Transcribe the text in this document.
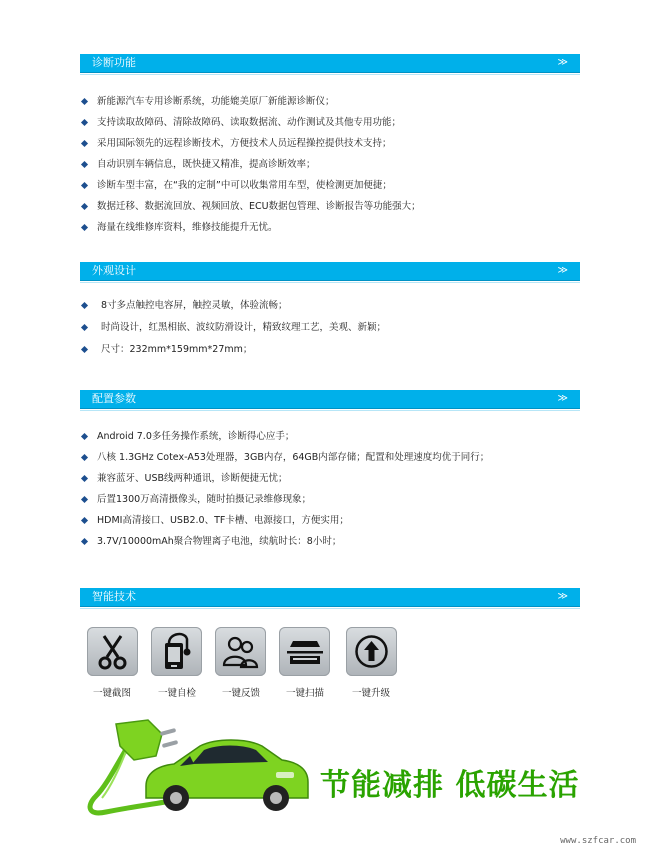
诊断功能	≫
新能源汽车专用诊断系统，功能媲美原厂新能源诊断仪；
支持读取故障码、清除故障码、读取数据流、动作测试及其他专用功能；
采用国际领先的远程诊断技术，方便技术人员远程操控提供技术支持；
自动识别车辆信息，既快捷又精准，提高诊断效率；
诊断车型丰富，在“我的定制”中可以收集常用车型，使检测更加便捷；
数据迁移、数据流回放、视频回放、ECU数据包管理、诊断报告等功能强大；
海量在线维修库资料，维修技能提升无忧。
外观设计	≫
8寸多点触控电容屏，触控灵敏，体验流畅；
时尚设计，红黑相嵌、波纹防滑设计，精致纹理工艺，美观、新颖；
尺寸：232mm*159mm*27mm；
配置参数	≫
Android 7.0多任务操作系统，诊断得心应手；
八核 1.3GHz Cotex-A53处理器，3GB内存，64GB内部存储；配置和处理速度均优于同行；
兼容蓝牙、USB线两种通讯，诊断便捷无忧；
后置1300万高清摄像头，随时拍摄记录维修现象；
HDMI高清接口、USB2.0、TF卡槽、电源接口，方便实用；
3.7V/10000mAh聚合物锂离子电池，续航时长：8小时；
智能技术	≫
一键截图	一键自检	一键反馈	一键扫描	一键升级
节能减排 低碳生活
www.szfcar.com
